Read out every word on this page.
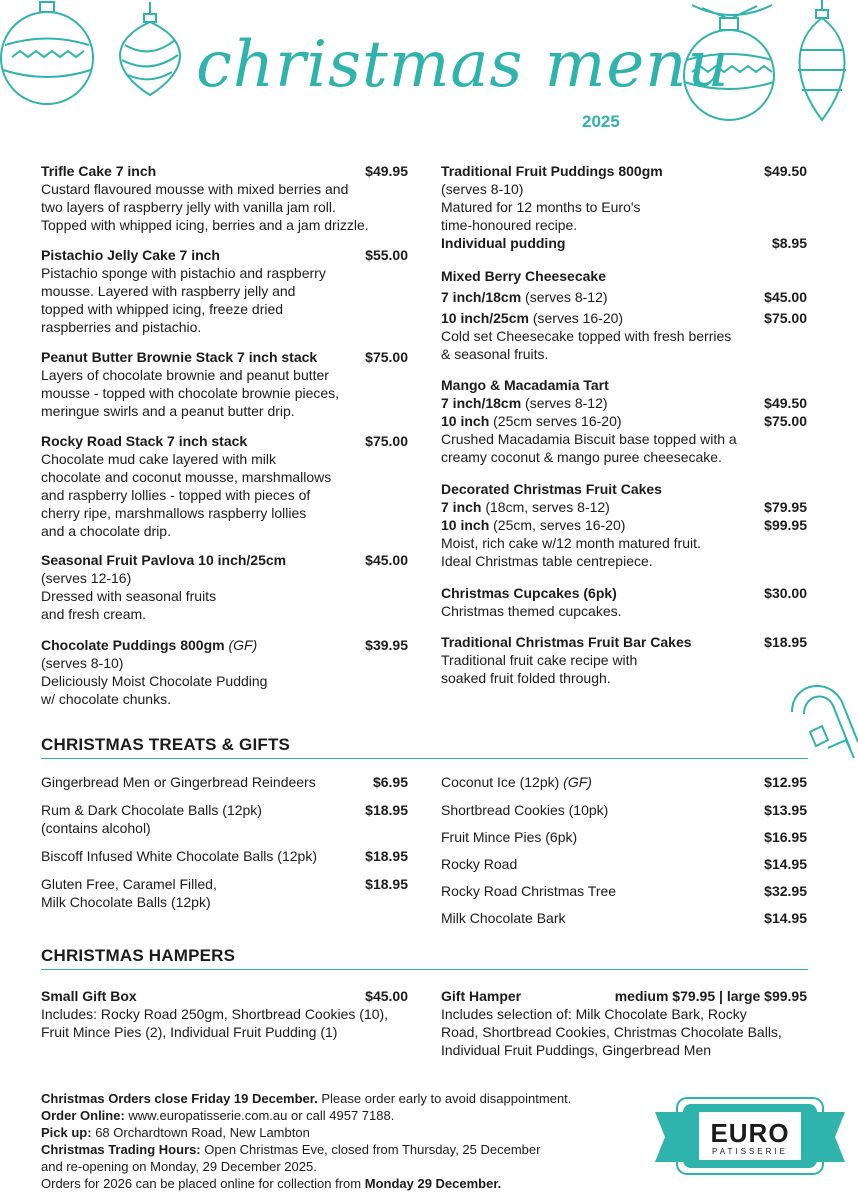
christmas menu
2025
Trifle Cake 7 inch	$49.95
Custard flavoured mousse with mixed berries and
two layers of raspberry jelly with vanilla jam roll.
Topped with whipped icing, berries and a jam drizzle.
Pistachio Jelly Cake 7 inch	$55.00
Pistachio sponge with pistachio and raspberry
mousse. Layered with raspberry jelly and
topped with whipped icing, freeze dried
raspberries and pistachio.
Peanut Butter Brownie Stack 7 inch stack	$75.00
Layers of chocolate brownie and peanut butter
mousse - topped with chocolate brownie pieces,
meringue swirls and a peanut butter drip.
Rocky Road Stack 7 inch stack	$75.00
Chocolate mud cake layered with milk
chocolate and coconut mousse, marshmallows
and raspberry lollies - topped with pieces of
cherry ripe, marshmallows raspberry lollies
and a chocolate drip.
Seasonal Fruit Pavlova 10 inch/25cm	$45.00
(serves 12-16)
Dressed with seasonal fruits
and fresh cream.
Chocolate Puddings 800gm (GF)	$39.95
(serves 8-10)
Deliciously Moist Chocolate Pudding
w/ chocolate chunks.
Traditional Fruit Puddings 800gm	$49.50
(serves 8-10)
Matured for 12 months to Euro's
time-honoured recipe.
Individual pudding	$8.95
Mixed Berry Cheesecake
7 inch/18cm (serves 8-12)	$45.00
10 inch/25cm (serves 16-20)	$75.00
Cold set Cheesecake topped with fresh berries
& seasonal fruits.
Mango & Macadamia Tart
7 inch/18cm (serves 8-12)	$49.50
10 inch (25cm serves 16-20)	$75.00
Crushed Macadamia Biscuit base topped with a
creamy coconut & mango puree cheesecake.
Decorated Christmas Fruit Cakes
7 inch (18cm, serves 8-12)	$79.95
10 inch (25cm, serves 16-20)	$99.95
Moist, rich cake w/12 month matured fruit.
Ideal Christmas table centrepiece.
Christmas Cupcakes (6pk)	$30.00
Christmas themed cupcakes.
Traditional Christmas Fruit Bar Cakes	$18.95
Traditional fruit cake recipe with
soaked fruit folded through.
CHRISTMAS TREATS & GIFTS
Gingerbread Men or Gingerbread Reindeers	$6.95
Rum & Dark Chocolate Balls (12pk)	$18.95
(contains alcohol)
Biscoff Infused White Chocolate Balls (12pk)	$18.95
Gluten Free, Caramel Filled,	$18.95
Milk Chocolate Balls (12pk)
Coconut Ice (12pk) (GF)	$12.95
Shortbread Cookies (10pk)	$13.95
Fruit Mince Pies (6pk)	$16.95
Rocky Road	$14.95
Rocky Road Christmas Tree	$32.95
Milk Chocolate Bark	$14.95
CHRISTMAS HAMPERS
Small Gift Box	$45.00
Includes: Rocky Road 250gm, Shortbread Cookies (10),
Fruit Mince Pies (2), Individual Fruit Pudding (1)
Gift Hamper	medium $79.95 | large $99.95
Includes selection of: Milk Chocolate Bark, Rocky
Road, Shortbread Cookies, Christmas Chocolate Balls,
Individual Fruit Puddings, Gingerbread Men
Christmas Orders close Friday 19 December. Please order early to avoid disappointment.
Order Online: www.europatisserie.com.au or call 4957 7188.
Pick up: 68 Orchardtown Road, New Lambton
Christmas Trading Hours: Open Christmas Eve, closed from Thursday, 25 December
and re-opening on Monday, 29 December 2025.
Orders for 2026 can be placed online for collection from Monday 29 December.
EURO
PATISSERIE
